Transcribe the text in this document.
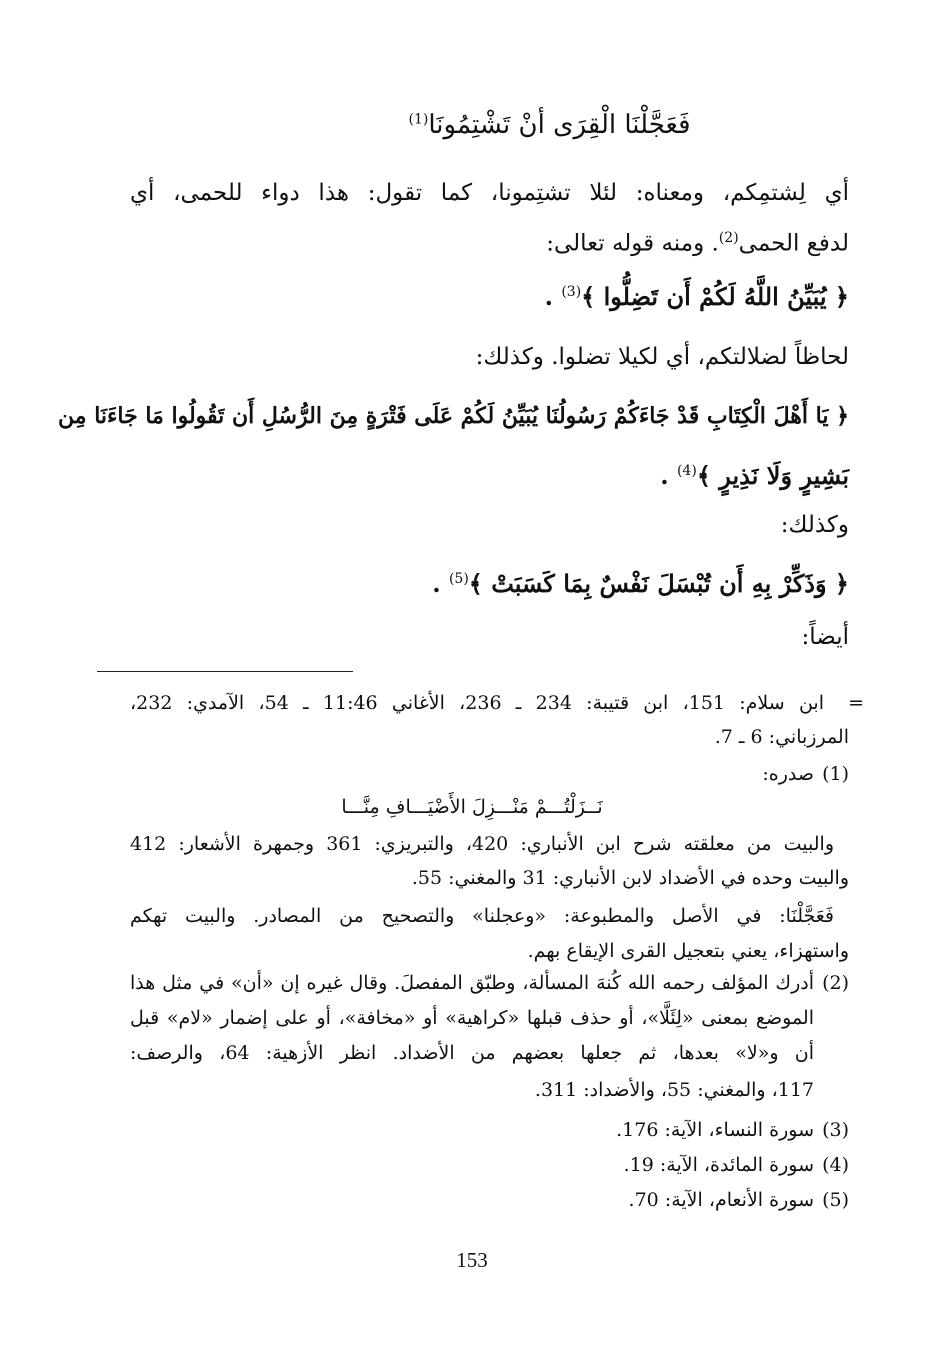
فَعَجَّلْنَا الْقِرَى أنْ تَشْتِمُونَا$^{(1)}$
أي لِشتمِكم، ومعناه: لئلا تشتِمونا، كما تقول: هذا دواء للحمى، أي
لدفع الحمى$^{(2)}$. ومنه قوله تعالى:
﴿ يُبَيِّنُ اللَّهُ لَكُمْ أَن تَضِلُّوا ﴾$^{(3)}$ .
لحاظاً لضلالتكم، أي لكيلا تضلوا. وكذلك:
﴿ يَا أَهْلَ الْكِتَابِ قَدْ جَاءَكُمْ رَسُولُنَا يُبَيِّنُ لَكُمْ عَلَى فَتْرَةٍ مِنَ الرُّسُلِ أَن تَقُولُوا مَا جَاءَنَا مِن
بَشِيرٍ وَلَا نَذِيرٍ ﴾$^{(4)}$ .
وكذلك:
﴿ وَذَكِّرْ بِهِ أَن تُبْسَلَ نَفْسٌ بِمَا كَسَبَتْ ﴾$^{(5)}$ .
أيضاً:
=
ابن سلام: 151، ابن قتيبة: 234 ـ 236، الأغاني 11:46 ـ 54، الآمدي: 232،
المرزباني: 6 ـ 7.
(1)
صدره:
نَــزَلْتُـــمْ مَنْـــزِلَ الأَضْيَـــافِ مِنَّـــا
والبيت من معلقته شرح ابن الأنباري: 420، والتبريزي: 361 وجمهرة الأشعار: 412
والبيت وحده في الأضداد لابن الأنباري: 31 والمغني: 55.
فَعَجَّلْنَا: في الأصل والمطبوعة: «وعجلنا» والتصحيح من المصادر. والبيت تهكم
واستهزاء، يعني بتعجيل القرى الإيقاع بهم.
(2)
أدرك المؤلف رحمه الله كُنهَ المسألة، وطبّق المفصلَ. وقال غيره إن «أن» في مثل هذا
الموضع بمعنى «لِئَلَّا»، أو حذف قبلها «كراهية» أو «مخافة»، أو على إضمار «لام» قبل
أن و«لا» بعدها، ثم جعلها بعضهم من الأضداد. انظر الأزهية: 64، والرصف:
117، والمغني: 55، والأضداد: 311.
(3)
سورة النساء، الآية: 176.
(4)
سورة المائدة، الآية: 19.
(5)
سورة الأنعام، الآية: 70.
153
